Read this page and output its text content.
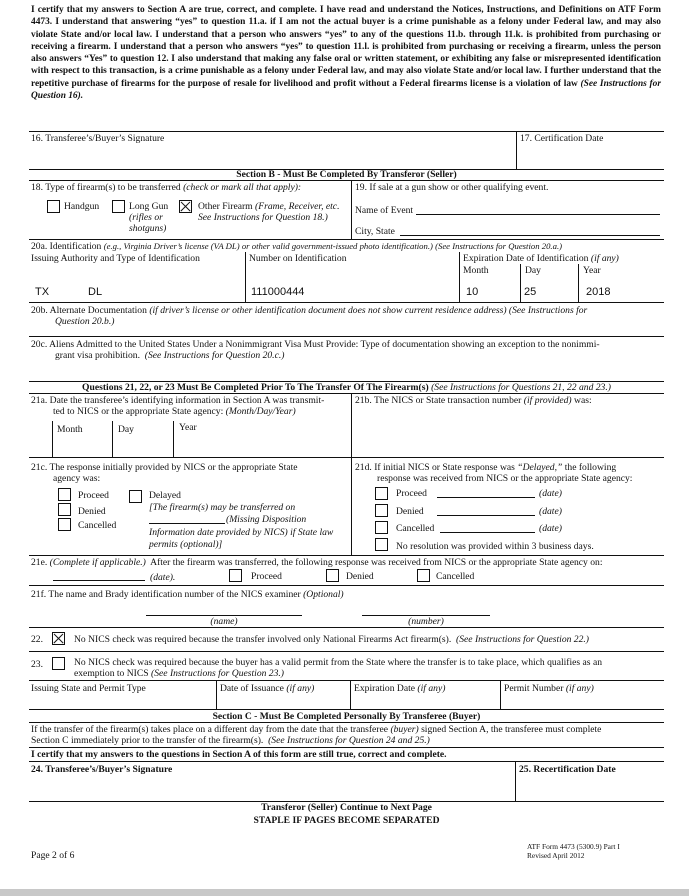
I certify that my answers to Section A are true, correct, and complete. I have read and understand the Notices, Instructions, and Definitions on ATF Form 4473. I understand that answering “yes” to question 11.a. if I am not the actual buyer is a crime punishable as a felony under Federal law, and may also violate State and/or local law. I understand that a person who answers “yes” to any of the questions 11.b. through 11.k. is prohibited from purchasing or receiving a firearm. I understand that a person who answers “yes” to question 11.l. is prohibited from purchasing or receiving a firearm, unless the person also answers “Yes” to question 12. I also understand that making any false oral or written statement, or exhibiting any false or misrepresented identification with respect to this transaction, is a crime punishable as a felony under Federal law, and may also violate State and/or local law. I further understand that the repetitive purchase of firearms for the purpose of resale for livelihood and profit without a Federal firearms license is a violation of law (See Instructions for Question 16).
16. Transferee’s/Buyer’s Signature	17. Certification Date
Section B - Must Be Completed By Transferor (Seller)
18. Type of firearm(s) to be transferred (check or mark all that apply):
Handgun	Long Gun
(rifles or
shotguns)
Other Firearm (Frame, Receiver, etc.
See Instructions for Question 18.)
19. If sale at a gun show or other qualifying event.
Name of Event
City, State
20a. Identification (e.g., Virginia Driver’s license (VA DL) or other valid government-issued photo identification.) (See Instructions for Question 20.a.)
Issuing Authority and Type of Identification	Number on Identification	Expiration Date of Identification (if any)
Month	Day	Year
TX	DL	111000444	10	25	2018
20b. Alternate Documentation (if driver’s license or other identification document does not show current residence address) (See Instructions for
Question 20.b.)
20c. Aliens Admitted to the United States Under a Nonimmigrant Visa Must Provide: Type of documentation showing an exception to the nonimmi-
grant visa prohibition. (See Instructions for Question 20.c.)
Questions 21, 22, or 23 Must Be Completed Prior To The Transfer Of The Firearm(s) (See Instructions for Questions 21, 22 and 23.)
21a. Date the transferee’s identifying information in Section A was transmit-
ted to NICS or the appropriate State agency: (Month/Day/Year)
21b. The NICS or State transaction number (if provided) was:
Month	Day	Year
21c. The response initially provided by NICS or the appropriate State
agency was:
Proceed
Denied
Cancelled
Delayed
[The firearm(s) may be transferred on
(Missing Disposition
Information date provided by NICS) if State law
permits (optional)]
21d. If initial NICS or State response was “Delayed,” the following
response was received from NICS or the appropriate State agency:
Proceed	(date)
Denied	(date)
Cancelled	(date)
No resolution was provided within 3 business days.
21e. (Complete if applicable.) After the firearm was transferred, the following response was received from NICS or the appropriate State agency on:
(date).	Proceed	Denied	Cancelled
21f. The name and Brady identification number of the NICS examiner (Optional)
(name)	(number)
22.	No NICS check was required because the transfer involved only National Firearms Act firearm(s). (See Instructions for Question 22.)
23.	No NICS check was required because the buyer has a valid permit from the State where the transfer is to take place, which qualifies as an
exemption to NICS (See Instructions for Question 23.)
Issuing State and Permit Type	Date of Issuance (if any)	Expiration Date (if any)	Permit Number (if any)
Section C - Must Be Completed Personally By Transferee (Buyer)
If the transfer of the firearm(s) takes place on a different day from the date that the transferee (buyer) signed Section A, the transferee must complete
Section C immediately prior to the transfer of the firearm(s). (See Instructions for Question 24 and 25.)
I certify that my answers to the questions in Section A of this form are still true, correct and complete.
24. Transferee’s/Buyer’s Signature	25. Recertification Date
Transferor (Seller) Continue to Next Page
STAPLE IF PAGES BECOME SEPARATED
Page 2 of 6
ATF Form 4473 (5300.9) Part I
Revised April 2012
